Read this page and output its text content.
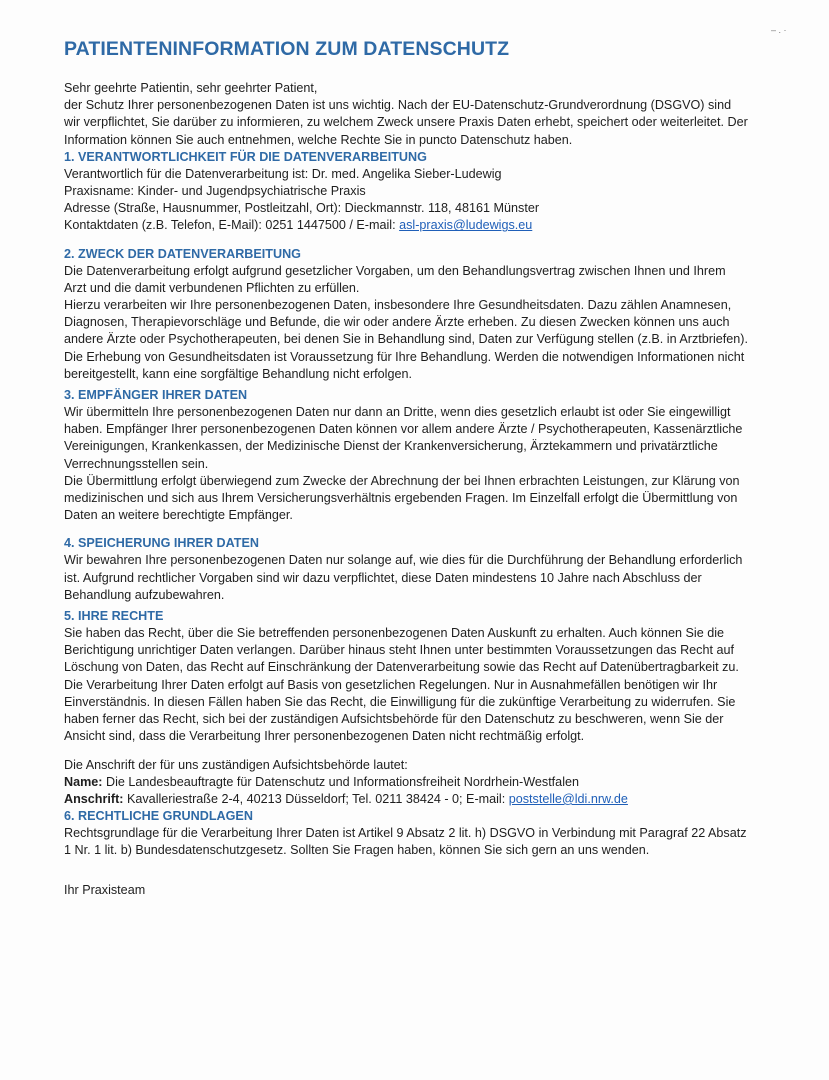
‒ . ·
PATIENTENINFORMATION ZUM DATENSCHUTZ

Sehr geehrte Patientin, sehr geehrter Patient,

der Schutz Ihrer personenbezogenen Daten ist uns wichtig. Nach der EU-Datenschutz-Grundverordnung (DSGVO) sind wir verpflichtet, Sie darüber zu informieren, zu welchem Zweck unsere Praxis Daten erhebt, speichert oder weiterleitet. Der Information können Sie auch entnehmen, welche Rechte Sie in puncto Datenschutz haben.

1. VERANTWORTLICHKEIT FÜR DIE DATENVERARBEITUNG

Verantwortlich für die Datenverarbeitung ist: Dr. med. Angelika Sieber-Ludewig

Praxisname: Kinder- und Jugendpsychiatrische Praxis

Adresse (Straße, Hausnummer, Postleitzahl, Ort): Dieckmannstr. 118, 48161 Münster

Kontaktdaten (z.B. Telefon, E-Mail): 0251 1447500 / E-mail: asl-praxis@ludewigs.eu

2. ZWECK DER DATENVERARBEITUNG

Die Datenverarbeitung erfolgt aufgrund gesetzlicher Vorgaben, um den Behandlungsvertrag zwischen Ihnen und Ihrem Arzt und die damit verbundenen Pflichten zu erfüllen.

Hierzu verarbeiten wir Ihre personenbezogenen Daten, insbesondere Ihre Gesundheitsdaten. Dazu zählen Anamnesen, Diagnosen, Therapievorschläge und Befunde, die wir oder andere Ärzte erheben. Zu diesen Zwecken können uns auch andere Ärzte oder Psychotherapeuten, bei denen Sie in Behandlung sind, Daten zur Verfügung stellen (z.B. in Arztbriefen).

Die Erhebung von Gesundheitsdaten ist Voraussetzung für Ihre Behandlung. Werden die notwendigen Informationen nicht bereitgestellt, kann eine sorgfältige Behandlung nicht erfolgen.

3. EMPFÄNGER IHRER DATEN

Wir übermitteln Ihre personenbezogenen Daten nur dann an Dritte, wenn dies gesetzlich erlaubt ist oder Sie eingewilligt haben. Empfänger Ihrer personenbezogenen Daten können vor allem andere Ärzte / Psychotherapeuten, Kassenärztliche Vereinigungen, Krankenkassen, der Medizinische Dienst der Krankenversicherung, Ärztekammern und privatärztliche Verrechnungsstellen sein.

Die Übermittlung erfolgt überwiegend zum Zwecke der Abrechnung der bei Ihnen erbrachten Leistungen, zur Klärung von medizinischen und sich aus Ihrem Versicherungsverhältnis ergebenden Fragen. Im Einzelfall erfolgt die Übermittlung von Daten an weitere berechtigte Empfänger.

4. SPEICHERUNG IHRER DATEN

Wir bewahren Ihre personenbezogenen Daten nur solange auf, wie dies für die Durchführung der Behandlung erforderlich ist. Aufgrund rechtlicher Vorgaben sind wir dazu verpflichtet, diese Daten mindestens 10 Jahre nach Abschluss der Behandlung aufzubewahren.

5. IHRE RECHTE

Sie haben das Recht, über die Sie betreffenden personenbezogenen Daten Auskunft zu erhalten. Auch können Sie die Berichtigung unrichtiger Daten verlangen. Darüber hinaus steht Ihnen unter bestimmten Voraussetzungen das Recht auf Löschung von Daten, das Recht auf Einschränkung der Datenverarbeitung sowie das Recht auf Datenübertragbarkeit zu.

Die Verarbeitung Ihrer Daten erfolgt auf Basis von gesetzlichen Regelungen. Nur in Ausnahmefällen benötigen wir Ihr Einverständnis. In diesen Fällen haben Sie das Recht, die Einwilligung für die zukünftige Verarbeitung zu widerrufen. Sie haben ferner das Recht, sich bei der zuständigen Aufsichtsbehörde für den Datenschutz zu beschweren, wenn Sie der Ansicht sind, dass die Verarbeitung Ihrer personenbezogenen Daten nicht rechtmäßig erfolgt.

Die Anschrift der für uns zuständigen Aufsichtsbehörde lautet:

Name: Die Landesbeauftragte für Datenschutz und Informationsfreiheit Nordrhein-Westfalen

Anschrift: Kavalleriestraße 2-4, 40213 Düsseldorf; Tel. 0211 38424 - 0; E-mail: poststelle@ldi.nrw.de

6. RECHTLICHE GRUNDLAGEN

Rechtsgrundlage für die Verarbeitung Ihrer Daten ist Artikel 9 Absatz 2 lit. h) DSGVO in Verbindung mit Paragraf 22 Absatz 1 Nr. 1 lit. b) Bundesdatenschutzgesetz. Sollten Sie Fragen haben, können Sie sich gern an uns wenden.

Ihr Praxisteam
